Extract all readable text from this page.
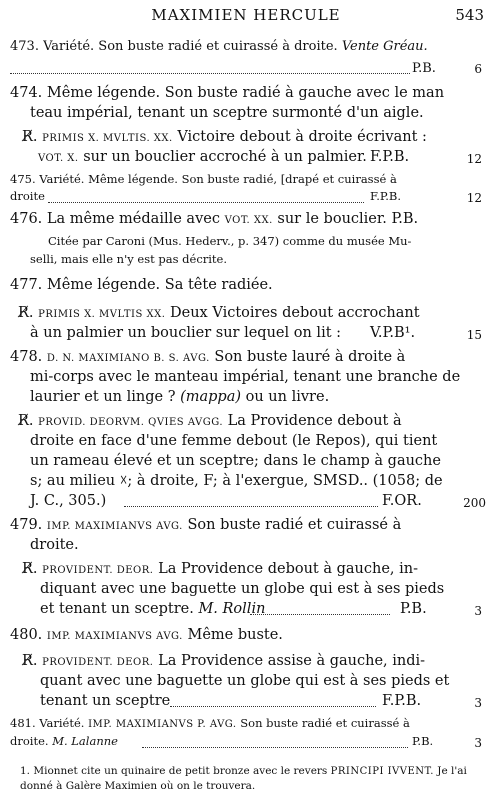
MAXIMIEN HERCULE	543
473. Variété. Son buste radié et cuirassé à droite. Vente Gréau.
P.B.	6
474. Même légende. Son buste radié à gauche avec le man
teau impérial, tenant un sceptre surmonté d'un aigle.
R̸. PRIMIS X. MVLTIS. XX. Victoire debout à droite écrivant :
VOT. X. sur un bouclier accroché à un palmier. F.P.B.	12
475. Variété. Même légende. Son buste radié, [drapé et cuirassé à
droite	F.P.B.	12
476. La même médaille avec VOT. XX. sur le bouclier. P.B.
Citée par Caroni (Mus. Hederv., p. 347) comme du musée Mu-
selli, mais elle n'y est pas décrite.
477. Même légende. Sa tête radiée.
R̸. PRIMIS X. MVLTIS XX. Deux Victoires debout accrochant
à un palmier un bouclier sur lequel on lit : V.P.B¹.	15
478. D. N. MAXIMIANO B. S. AVG. Son buste lauré à droite à
mi-corps avec le manteau impérial, tenant une branche de
laurier et un linge ? (mappa) ou un livre.
R̸. PROVID. DEORVM. QVIES AVGG. La Providence debout à
droite en face d'une femme debout (le Repos), qui tient
un rameau élevé et un sceptre; dans le champ à gauche
s; au milieu ☓; à droite, F; à l'exergue, SMSD.. (1058; de
J. C., 305.)	F.OR.	200
479. IMP. MAXIMIANVS AVG. Son buste radié et cuirassé à
droite.
R̸. PROVIDENT. DEOR. La Providence debout à gauche, in-
diquant avec une baguette un globe qui est à ses pieds
et tenant un sceptre. M. Rollin	P.B.	3
480. IMP. MAXIMIANVS AVG. Même buste.
R̸. PROVIDENT. DEOR. La Providence assise à gauche, indi-
quant avec une baguette un globe qui est à ses pieds et
tenant un sceptre	F.P.B.	3
481. Variété. IMP. MAXIMIANVS P. AVG. Son buste radié et cuirassé à
droite. M. Lalanne	P.B.	3
1. Mionnet cite un quinaire de petit bronze avec le revers PRINCIPI IVVENT. Je l'ai
donné à Galère Maximien où on le trouvera.
